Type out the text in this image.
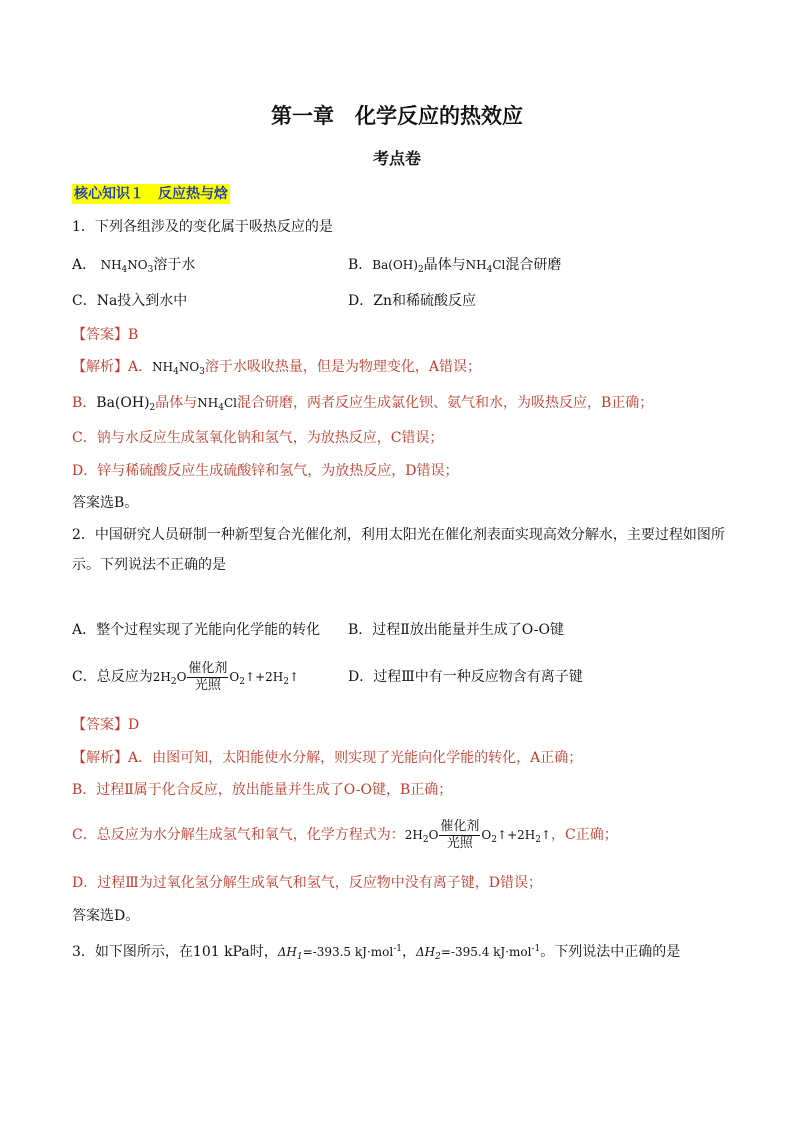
第一章　化学反应的热效应
考点卷
核心知识１　反应热与焓
1．下列各组涉及的变化属于吸热反应的是
A． $NH_4NO_3$溶于水	B．$Ba(OH)_2$晶体与$NH_4Cl$混合研磨
C．Na投入到水中	D．Zn和稀硫酸反应
【答案】B
【解析】A．$NH_4NO_3$溶于水吸收热量，但是为物理变化，A错误；
B．$Ba(OH)_2$晶体与$NH_4Cl$混合研磨，两者反应生成氯化钡、氨气和水，为吸热反应，B正确；
C．钠与水反应生成氢氧化钠和氢气，为放热反应，C错误；
D．锌与稀硫酸反应生成硫酸锌和氢气，为放热反应，D错误；
答案选B。
2．中国研究人员研制一种新型复合光催化剂，利用太阳光在催化剂表面实现高效分解水，主要过程如图所
示。下列说法不正确的是
A．整个过程实现了光能向化学能的转化 B．过程Ⅱ放出能量并生成了O-O键
C．总反应为$2H_2O \frac{\text{催化剂}}{\text{光照}}$ $O_2↑+2H_2↑$	D．过程Ⅲ中有一种反应物含有离子键
【答案】D
【解析】A．由图可知，太阳能使水分解，则实现了光能向化学能的转化，A正确；
B．过程Ⅱ属于化合反应，放出能量并生成了O-O键，B正确；
C．总反应为水分解生成氢气和氧气，化学方程式为：$2H_2O \frac{\text{催化剂}}{\text{光照}}$ $O_2↑+2H_2↑$，C正确；
D．过程Ⅲ为过氧化氢分解生成氧气和氢气，反应物中没有离子键，D错误；
答案选D。
3．如下图所示，在101 kPa时，$\Delta H_1=-393.5$ kJ·mol$^{-1}$，$\Delta H_2=-395.4$ kJ·mol$^{-1}$。下列说法中正确的是
